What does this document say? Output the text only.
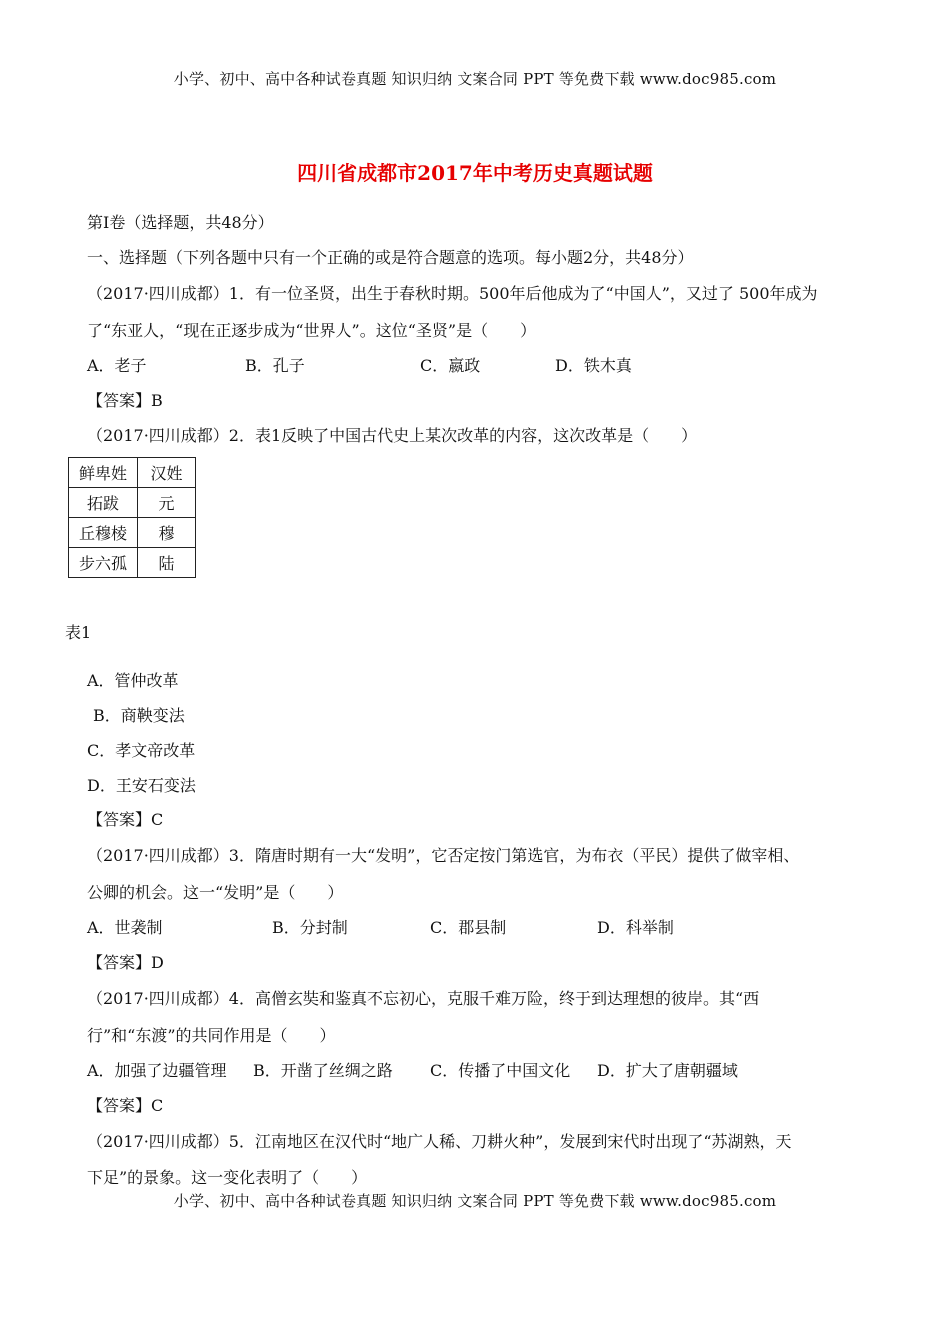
小学、初中、高中各种试卷真题 知识归纳 文案合同 PPT 等免费下载 www.doc985.com
四川省成都市2017年中考历史真题试题
第I卷（选择题，共48分）
一、选择题（下列各题中只有一个正确的或是符合题意的选项。每小题2分，共48分）
（2017·四川成都）1．有一位圣贤，出生于春秋时期。500年后他成为了“中国人”，又过了 500年成为
了“东亚人，“现在正逐步成为“世界人”。这位“圣贤”是（　　）
A．老子	B．孔子	C．嬴政	D．铁木真
【答案】B
（2017·四川成都）2．表1反映了中国古代史上某次改革的内容，这次改革是（　　）
鲜卑姓	汉姓
拓跋	元
丘穆棱	穆
步六孤	陆
表1
A．管仲改革
B．商鞅变法
C．孝文帝改革
D．王安石变法
【答案】C
（2017·四川成都）3．隋唐时期有一大“发明”，它否定按门第选官，为布衣（平民）提供了做宰相、
公卿的机会。这一“发明”是（　　）
A．世袭制	B．分封制	C．郡县制	D．科举制
【答案】D
（2017·四川成都）4．高僧玄奘和鉴真不忘初心，克服千难万险，终于到达理想的彼岸。其“西
行”和“东渡”的共同作用是（　　）
A．加强了边疆管理 B．开凿了丝绸之路 C．传播了中国文化 D．扩大了唐朝疆域
【答案】C
（2017·四川成都）5．江南地区在汉代时“地广人稀、刀耕火种”，发展到宋代时出现了“苏湖熟，天
下足”的景象。这一变化表明了（　　）
小学、初中、高中各种试卷真题 知识归纳 文案合同 PPT 等免费下载 www.doc985.com
